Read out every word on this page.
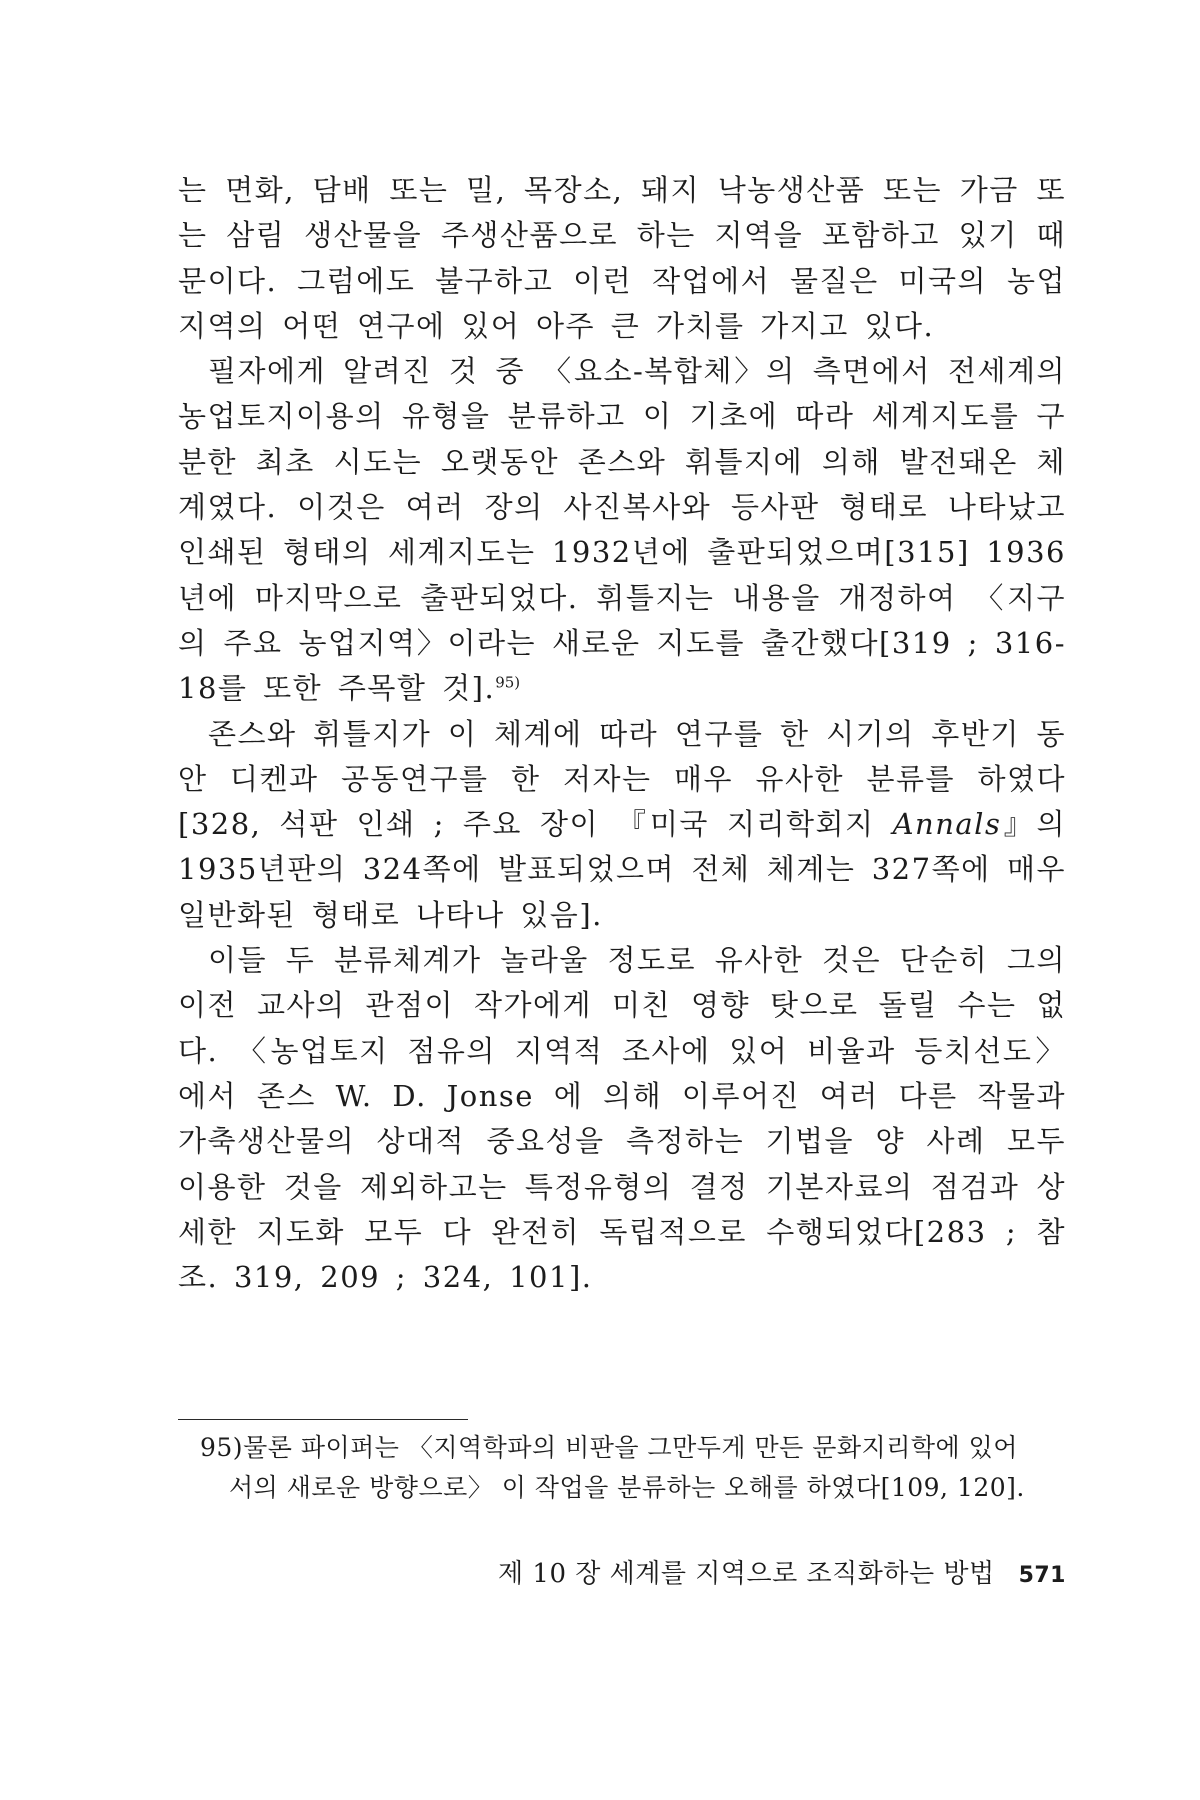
는 면화, 담배 또는 밀, 목장소, 돼지 낙농생산품 또는 가금 또는 삼림 생산물을 주생산품으로 하는 지역을 포함하고 있기 때문이다. 그럼에도 불구하고 이런 작업에서 물질은 미국의 농업지역의 어떤 연구에 있어 아주 큰 가치를 가지고 있다.

필자에게 알려진 것 중 〈요소-복합체〉의 측면에서 전세계의 농업토지이용의 유형을 분류하고 이 기초에 따라 세계지도를 구분한 최초 시도는 오랫동안 존스와 휘틀지에 의해 발전돼온 체계였다. 이것은 여러 장의 사진복사와 등사판 형태로 나타났고 인쇄된 형태의 세계지도는 1932년에 출판되었으며[315] 1936년에 마지막으로 출판되었다. 휘틀지는 내용을 개정하여 〈지구의 주요 농업지역〉이라는 새로운 지도를 출간했다[319 ; 316-18를 또한 주목할 것].$^{95)}$

존스와 휘틀지가 이 체계에 따라 연구를 한 시기의 후반기 동안 디켄과 공동연구를 한 저자는 매우 유사한 분류를 하였다[328, 석판 인쇄 ; 주요 장이 『미국 지리학회지 Annals』의 1935년판의 324쪽에 발표되었으며 전체 체계는 327쪽에 매우 일반화된 형태로 나타나 있음].

이들 두 분류체계가 놀라울 정도로 유사한 것은 단순히 그의 이전 교사의 관점이 작가에게 미친 영향 탓으로 돌릴 수는 없다. 〈농업토지 점유의 지역적 조사에 있어 비율과 등치선도〉에서 존스 W. D. Jonse 에 의해 이루어진 여러 다른 작물과 가축생산물의 상대적 중요성을 측정하는 기법을 양 사례 모두 이용한 것을 제외하고는 특정유형의 결정 기본자료의 점검과 상세한 지도화 모두 다 완전히 독립적으로 수행되었다[283 ; 참조. 319, 209 ; 324, 101].

95)물론 파이퍼는 〈지역학파의 비판을 그만두게 만든 문화지리학에 있어
서의 새로운 방향으로〉 이 작업을 분류하는 오해를 하였다[109, 120].
제 10 장 세계를 지역으로 조직화하는 방법 571
